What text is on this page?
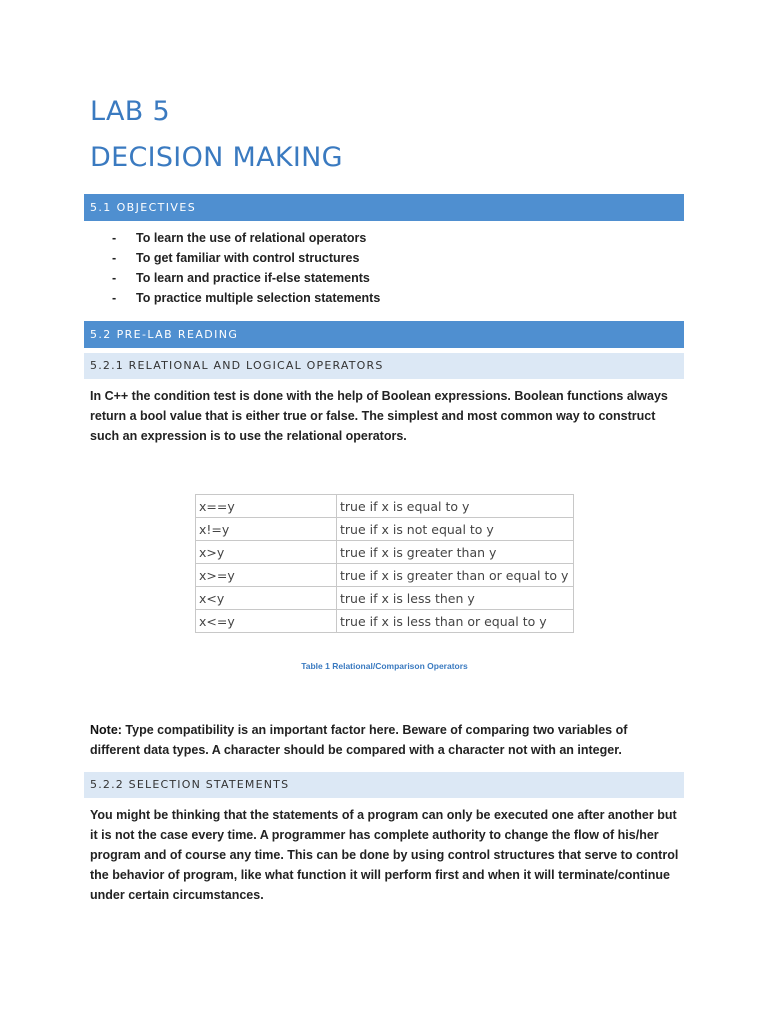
LAB 5
DECISION MAKING
5.1 OBJECTIVES
- To learn the use of relational operators
- To get familiar with control structures
- To learn and practice if-else statements
- To practice multiple selection statements
5.2 PRE-LAB READING
5.2.1 RELATIONAL AND LOGICAL OPERATORS

In C++ the condition test is done with the help of Boolean expressions. Boolean functions always return a bool value that is either true or false. The simplest and most common way to construct such an expression is to use the relational operators.

x==y	true if x is equal to y
x!=y	true if x is not equal to y
x>y	true if x is greater than y
x>=y	true if x is greater than or equal to y
x<y	true if x is less then y
x<=y	true if x is less than or equal to y
Table 1 Relational/Comparison Operators

Note: Type compatibility is an important factor here. Beware of comparing two variables of different data types. A character should be compared with a character not with an integer.

5.2.2 SELECTION STATEMENTS

You might be thinking that the statements of a program can only be executed one after another but it is not the case every time. A programmer has complete authority to change the flow of his/her program and of course any time. This can be done by using control structures that serve to control the behavior of program, like what function it will perform first and when it will terminate/continue under certain circumstances.
